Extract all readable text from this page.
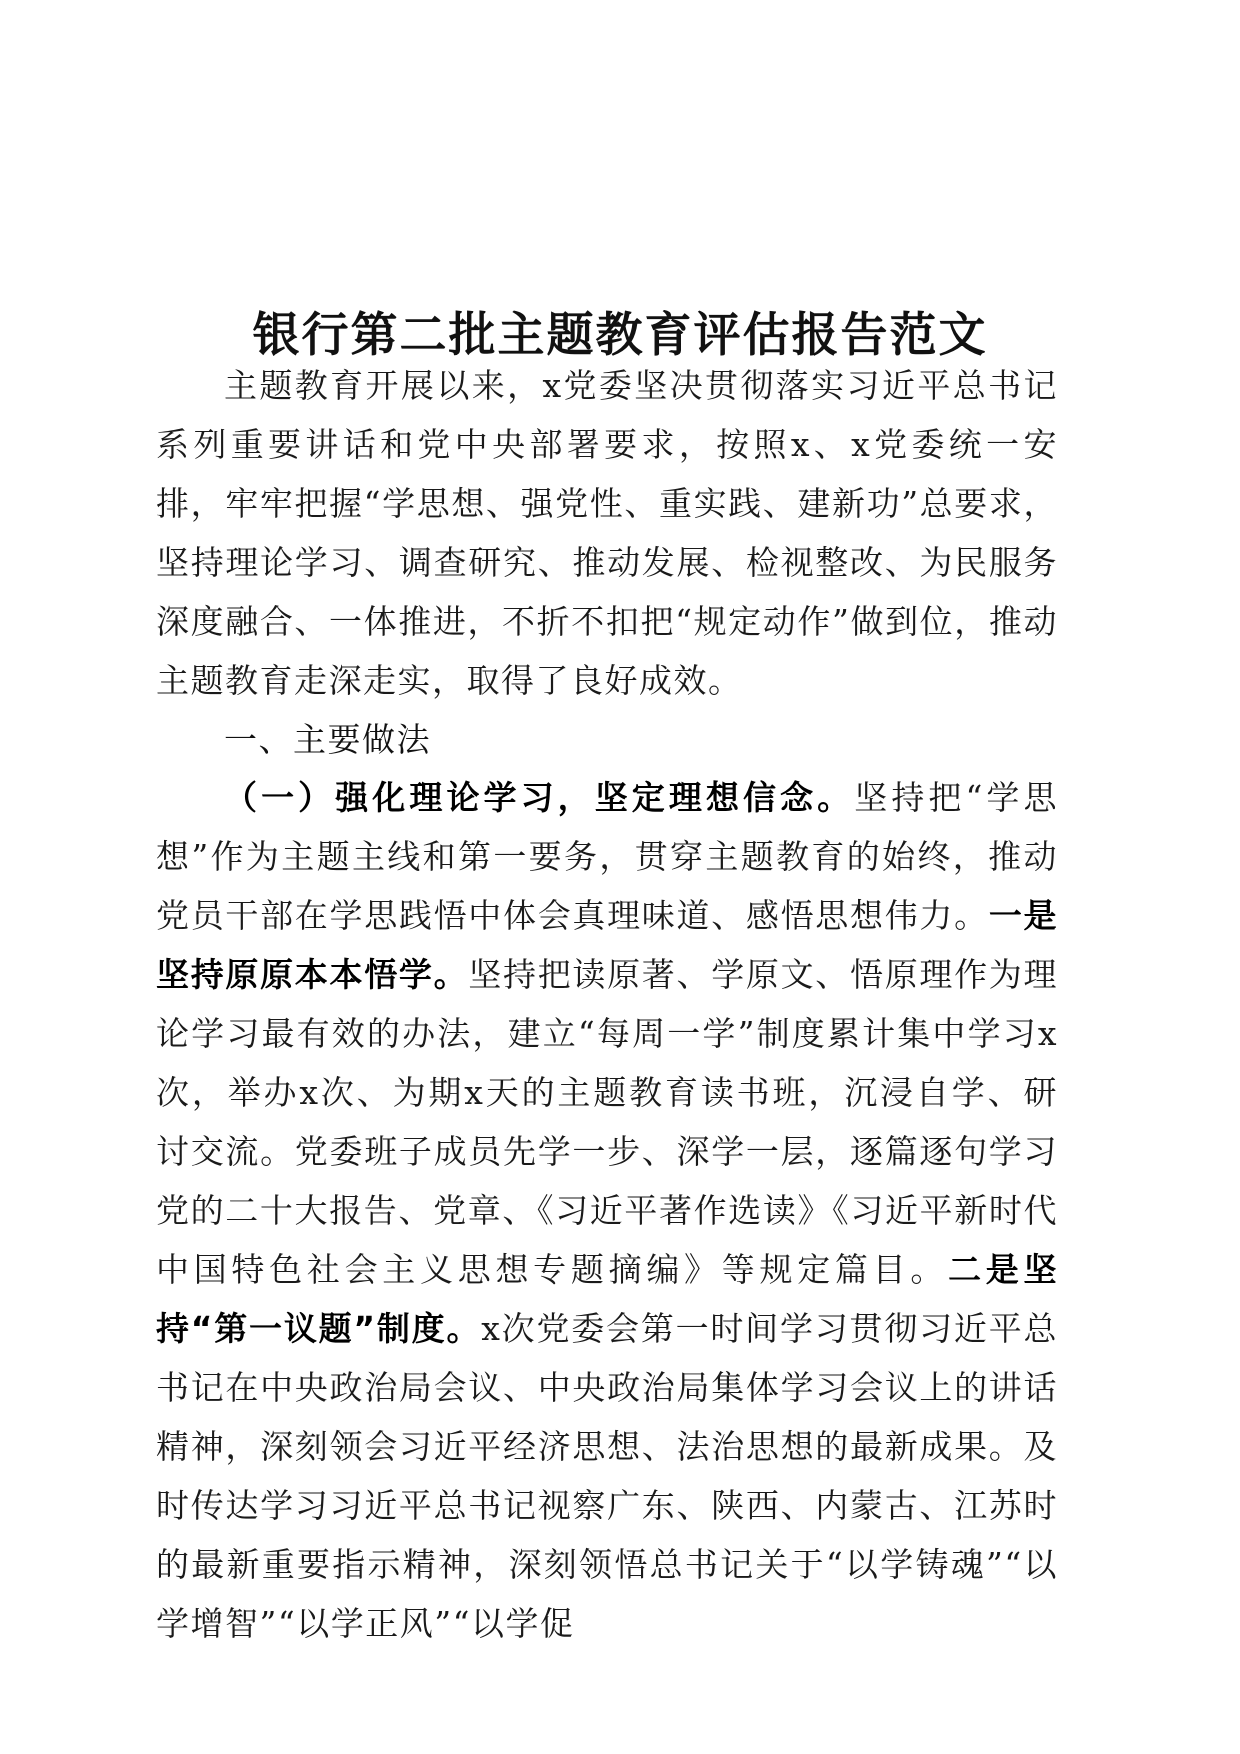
银行第二批主题教育评估报告范文

主题教育开展以来，x党委坚决贯彻落实习近平总书记系列重要讲话和党中央部署要求，按照x、x党委统一安排，牢牢把握“学思想、强党性、重实践、建新功”总要求，坚持理论学习、调查研究、推动发展、检视整改、为民服务深度融合、一体推进，不折不扣把“规定动作”做到位，推动主题教育走深走实，取得了良好成效。

一、主要做法

（一）强化理论学习，坚定理想信念。坚持把“学思想”作为主题主线和第一要务，贯穿主题教育的始终，推动党员干部在学思践悟中体会真理味道、感悟思想伟力。一是坚持原原本本悟学。坚持把读原著、学原文、悟原理作为理论学习最有效的办法，建立“每周一学”制度累计集中学习x次，举办x次、为期x天的主题教育读书班，沉浸自学、研讨交流。党委班子成员先学一步、深学一层，逐篇逐句学习党的二十大报告、党章、《习近平著作选读》《习近平新时代中国特色社会主义思想专题摘编》等规定篇目。二是坚持“第一议题”制度。x次党委会第一时间学习贯彻习近平总书记在中央政治局会议、中央政治局集体学习会议上的讲话精神，深刻领会习近平经济思想、法治思想的最新成果。及时传达学习习近平总书记视察广东、陕西、内蒙古、江苏时的最新重要指示精神，深刻领悟总书记关于“以学铸魂”“以学增智”“以学正风”“以学促
